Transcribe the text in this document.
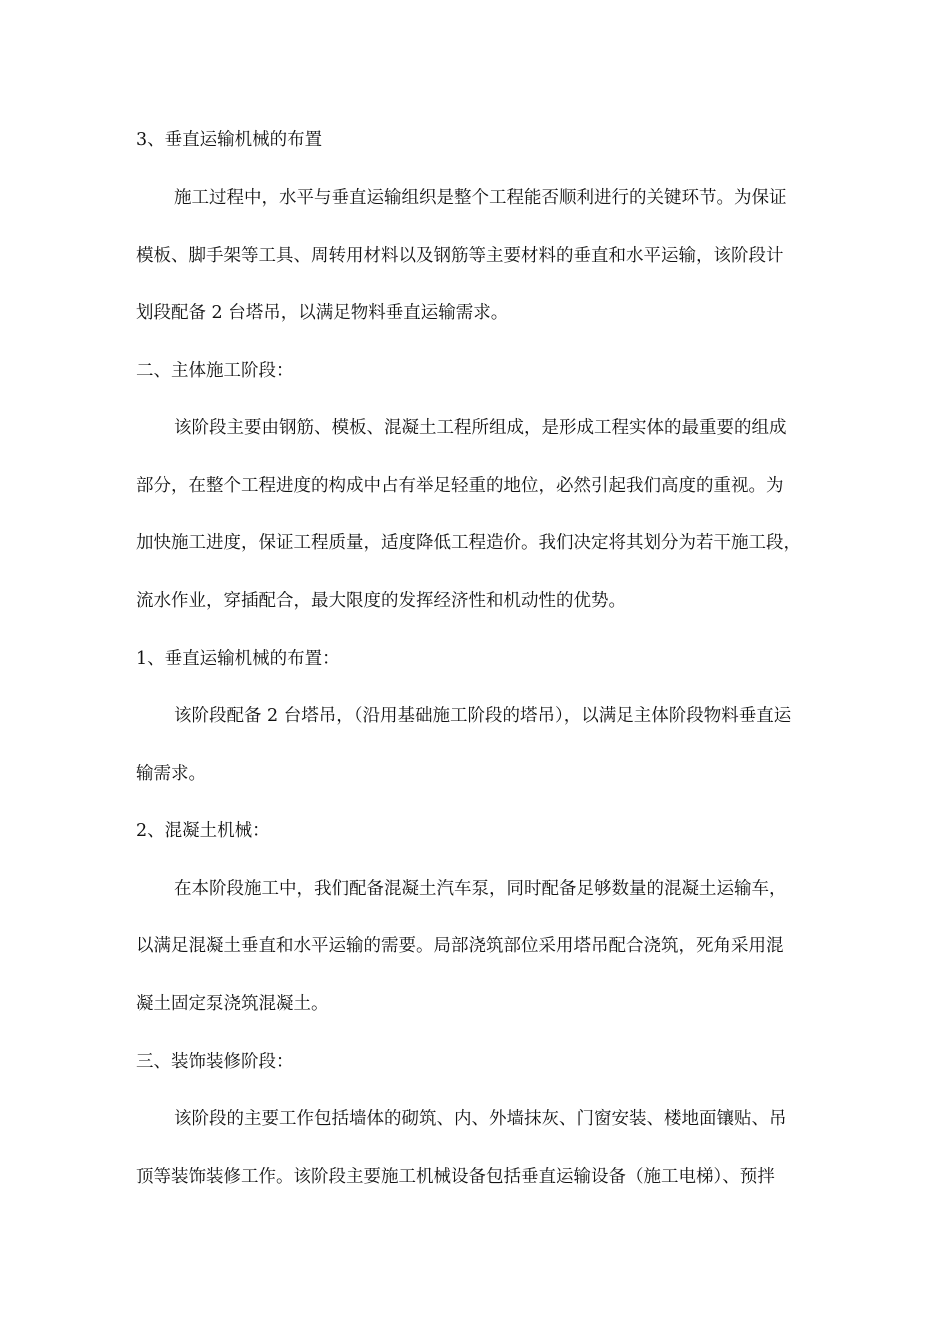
3、垂直运输机械的布置
施工过程中，水平与垂直运输组织是整个工程能否顺利进行的关键环节。为保证
模板、脚手架等工具、周转用材料以及钢筋等主要材料的垂直和水平运输，该阶段计
划段配备 2 台塔吊，以满足物料垂直运输需求。
二、主体施工阶段：
该阶段主要由钢筋、模板、混凝土工程所组成，是形成工程实体的最重要的组成
部分，在整个工程进度的构成中占有举足轻重的地位，必然引起我们高度的重视。为
加快施工进度，保证工程质量，适度降低工程造价。我们决定将其划分为若干施工段，
流水作业，穿插配合，最大限度的发挥经济性和机动性的优势。
1、垂直运输机械的布置：
该阶段配备 2 台塔吊，（沿用基础施工阶段的塔吊），以满足主体阶段物料垂直运
输需求。
2、混凝土机械：
在本阶段施工中，我们配备混凝土汽车泵，同时配备足够数量的混凝土运输车，
以满足混凝土垂直和水平运输的需要。局部浇筑部位采用塔吊配合浇筑，死角采用混
凝土固定泵浇筑混凝土。
三、装饰装修阶段：
该阶段的主要工作包括墙体的砌筑、内、外墙抹灰、门窗安装、楼地面镶贴、吊
顶等装饰装修工作。该阶段主要施工机械设备包括垂直运输设备（施工电梯）、预拌
